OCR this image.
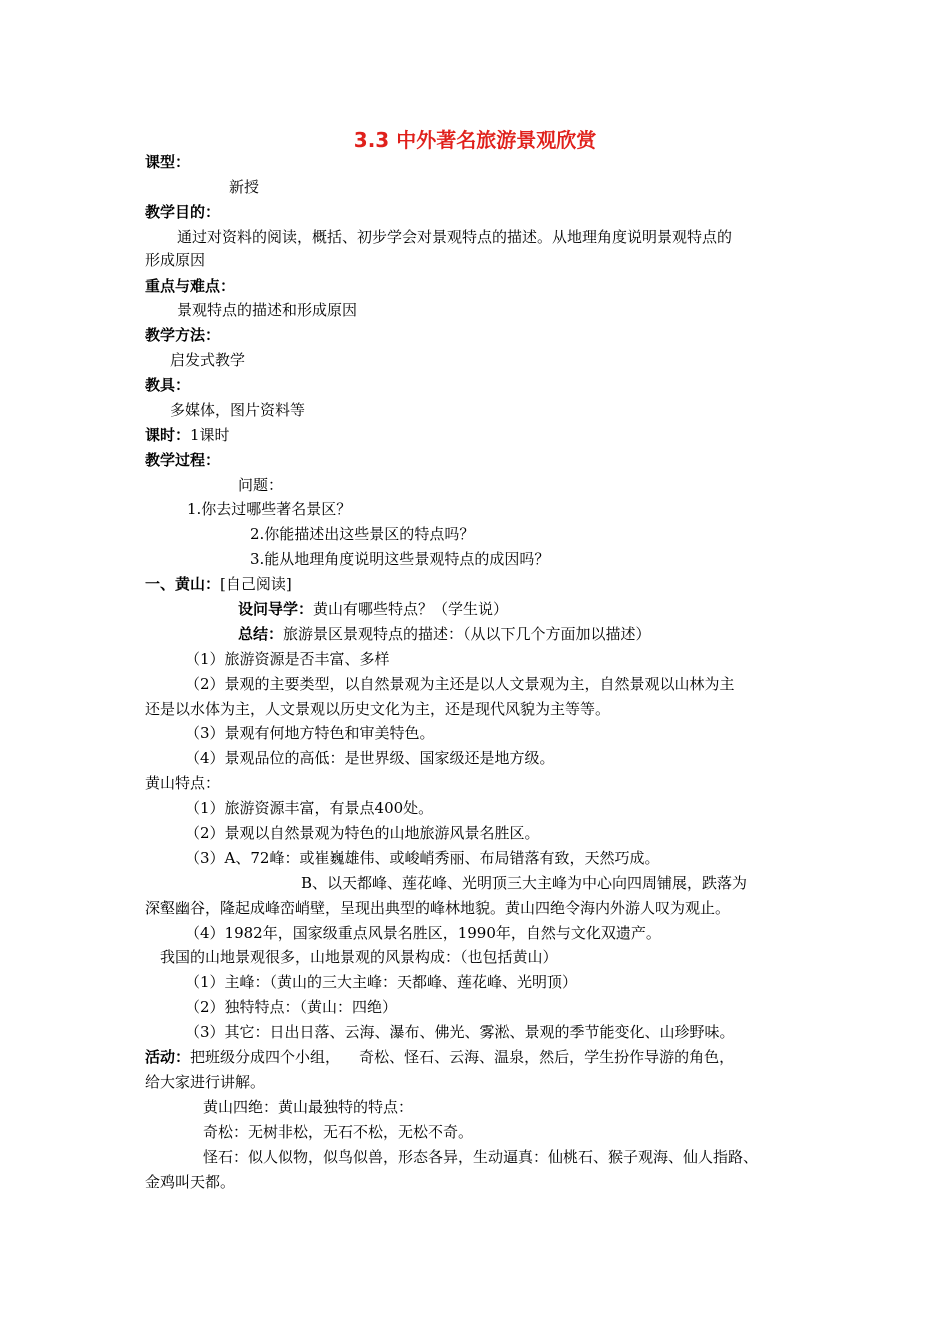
3.3 中外著名旅游景观欣赏
课型：
新授
教学目的：
通过对资料的阅读，概括、初步学会对景观特点的描述。从地理角度说明景观特点的
形成原因
重点与难点：
景观特点的描述和形成原因
教学方法：
启发式教学
教具：
多媒体，图片资料等
课时：1课时
教学过程：
问题：
1.你去过哪些著名景区？
2.你能描述出这些景区的特点吗？
3.能从地理角度说明这些景观特点的成因吗？
一、黄山：[自己阅读]
设问导学：黄山有哪些特点？（学生说）
总结：旅游景区景观特点的描述：（从以下几个方面加以描述）
（1）旅游资源是否丰富、多样
（2）景观的主要类型，以自然景观为主还是以人文景观为主，自然景观以山林为主
还是以水体为主，人文景观以历史文化为主，还是现代风貌为主等等。
（3）景观有何地方特色和审美特色。
（4）景观品位的高低：是世界级、国家级还是地方级。
黄山特点：
（1）旅游资源丰富，有景点400处。
（2）景观以自然景观为特色的山地旅游风景名胜区。
（3）A、72峰：或崔巍雄伟、或峻峭秀丽、布局错落有致，天然巧成。
B、以天都峰、莲花峰、光明顶三大主峰为中心向四周铺展，跌落为
深壑幽谷，隆起成峰峦峭壁，呈现出典型的峰林地貌。黄山四绝令海内外游人叹为观止。
（4）1982年，国家级重点风景名胜区，1990年，自然与文化双遗产。
我国的山地景观很多，山地景观的风景构成：（也包括黄山）
（1）主峰：（黄山的三大主峰：天都峰、莲花峰、光明顶）
（2）独特特点：（黄山：四绝）
（3）其它：日出日落、云海、瀑布、佛光、雾淞、景观的季节能变化、山珍野味。
活动：把班级分成四个小组，    奇松、怪石、云海、温泉，然后，学生扮作导游的角色，
给大家进行讲解。
黄山四绝：黄山最独特的特点：
奇松：无树非松，无石不松，无松不奇。
怪石：似人似物，似鸟似兽，形态各异，生动逼真：仙桃石、猴子观海、仙人指路、
金鸡叫天都。
